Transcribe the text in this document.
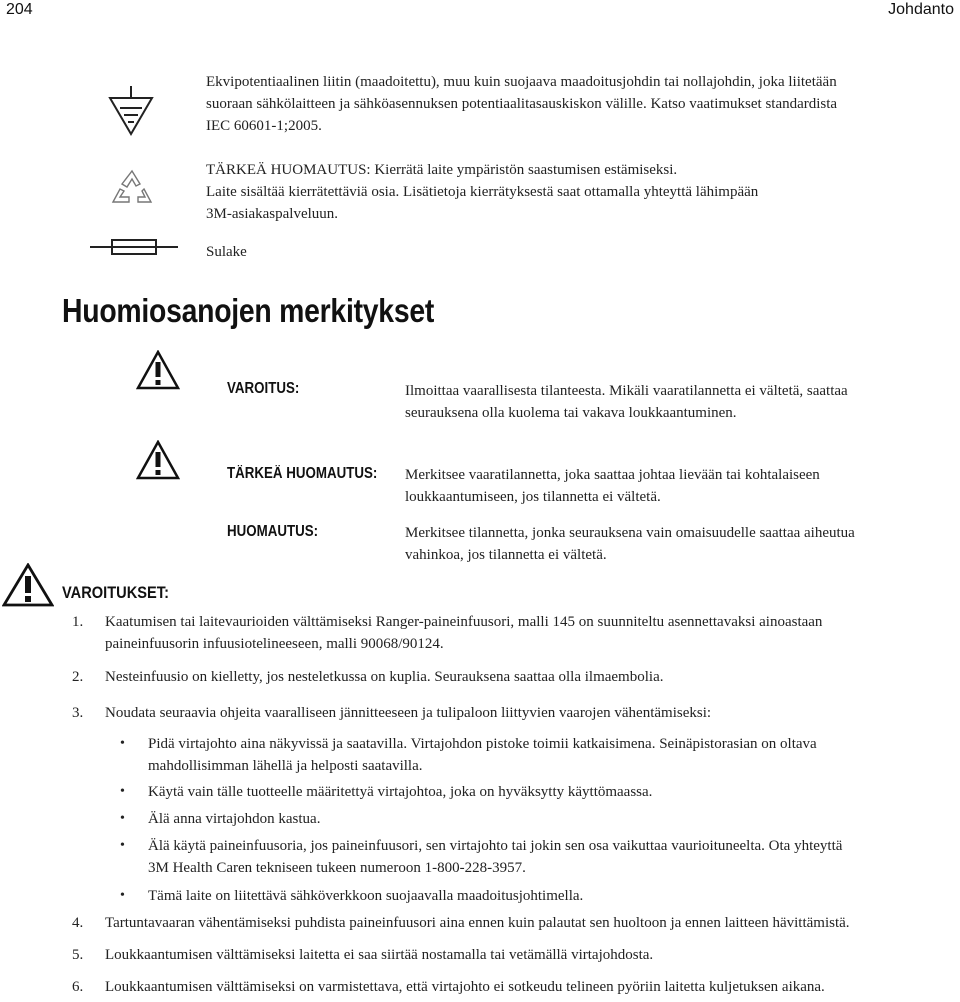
204	Johdanto
Ekvipotentiaalinen liitin (maadoitettu), muu kuin suojaava maadoitusjohdin tai nollajohdin, joka liitetään
suoraan sähkölaitteen ja sähköasennuksen potentiaalitasauskiskon välille. Katso vaatimukset standardista
IEC 60601-1;2005.
TÄRKEÄ HUOMAUTUS: Kierrätä laite ympäristön saastumisen estämiseksi.
Laite sisältää kierrätettäviä osia. Lisätietoja kierrätyksestä saat ottamalla yhteyttä lähimpään
3M-asiakaspalveluun.
Sulake
Huomiosanojen merkitykset
VAROITUS:	Ilmoittaa vaarallisesta tilanteesta. Mikäli vaaratilannetta ei vältetä, saattaa
seurauksena olla kuolema tai vakava loukkaantuminen.
TÄRKEÄ HUOMAUTUS: Merkitsee vaaratilannetta, joka saattaa johtaa lievään tai kohtalaiseen
loukkaantumiseen, jos tilannetta ei vältetä.
HUOMAUTUS:	Merkitsee tilannetta, jonka seurauksena vain omaisuudelle saattaa aiheutua
vahinkoa, jos tilannetta ei vältetä.
VAROITUKSET:
1. Kaatumisen tai laitevaurioiden välttämiseksi Ranger-paineinfuusori, malli 145 on suunniteltu asennettavaksi ainoastaan
paineinfuusorin infuusiotelineeseen, malli 90068/90124.
2. Nesteinfuusio on kielletty, jos nesteletkussa on kuplia. Seurauksena saattaa olla ilmaembolia.
3. Noudata seuraavia ohjeita vaaralliseen jännitteeseen ja tulipaloon liittyvien vaarojen vähentämiseksi:
• Pidä virtajohto aina näkyvissä ja saatavilla. Virtajohdon pistoke toimii katkaisimena. Seinäpistorasian on oltava
mahdollisimman lähellä ja helposti saatavilla.
• Käytä vain tälle tuotteelle määritettyä virtajohtoa, joka on hyväksytty käyttömaassa.
• Älä anna virtajohdon kastua.
• Älä käytä paineinfuusoria, jos paineinfuusori, sen virtajohto tai jokin sen osa vaikuttaa vaurioituneelta. Ota yhteyttä
3M Health Caren tekniseen tukeen numeroon 1-800-228-3957.
• Tämä laite on liitettävä sähköverkkoon suojaavalla maadoitusjohtimella.
4. Tartuntavaaran vähentämiseksi puhdista paineinfuusori aina ennen kuin palautat sen huoltoon ja ennen laitteen hävittämistä.
5. Loukkaantumisen välttämiseksi laitetta ei saa siirtää nostamalla tai vetämällä virtajohdosta.
6. Loukkaantumisen välttämiseksi on varmistettava, että virtajohto ei sotkeudu telineen pyöriin laitetta kuljetuksen aikana.
